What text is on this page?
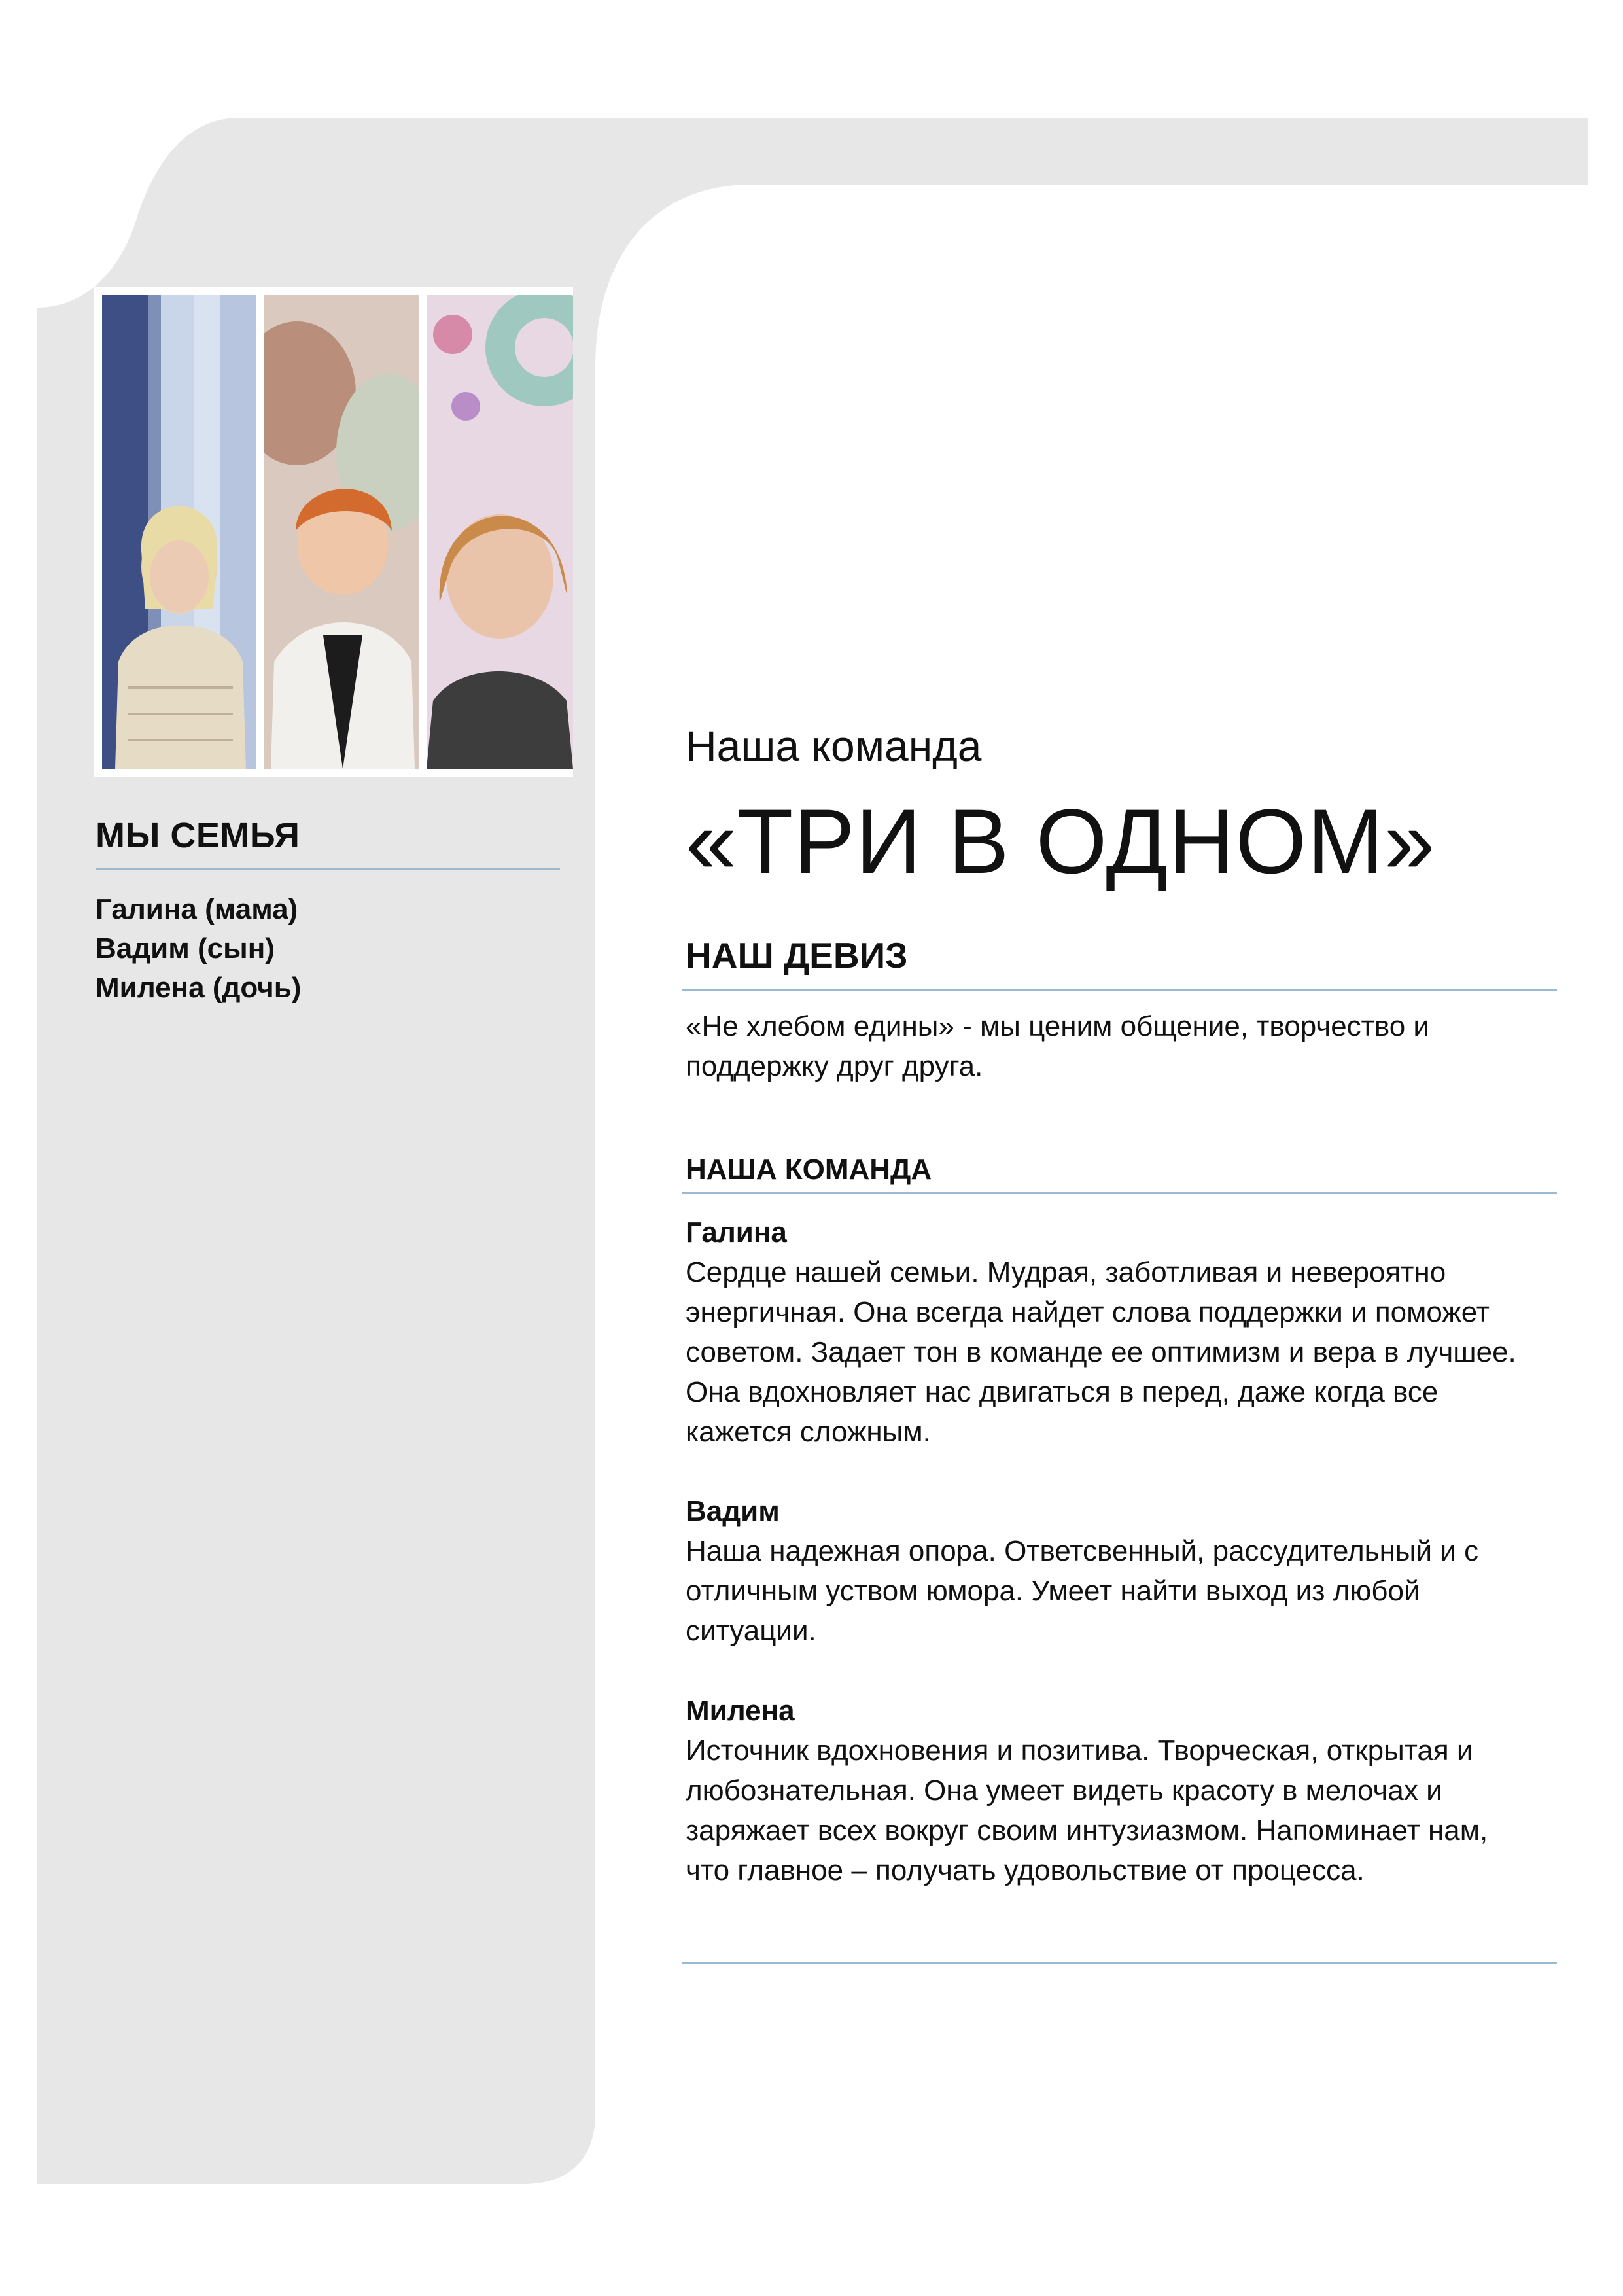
МЫ СЕМЬЯ
Галина (мама)
Вадим (сын)
Милена (дочь)
Наша команда
«ТРИ В ОДНОМ»
НАШ ДЕВИЗ
«Не хлебом едины» - мы ценим общение, творчество и поддержку друг друга.
НАША КОМАНДА
Галина
Сердце нашей семьи. Мудрая, заботливая и невероятно
энергичная. Она всегда найдет слова поддержки и поможет
советом. Задает тон в команде ее оптимизм и вера в лучшее.
Она вдохновляет нас двигаться в перед, даже когда все
кажется сложным.
Вадим
Наша надежная опора. Ответсвенный, рассудительный и с
отличным уством юмора. Умеет найти выход из любой
ситуации.
Милена
Источник вдохновения и позитива. Творческая, открытая и
любознательная. Она умеет видеть красоту в мелочах и
заряжает всех вокруг своим интузиазмом. Напоминает нам,
что главное – получать удовольствие от процесса.
